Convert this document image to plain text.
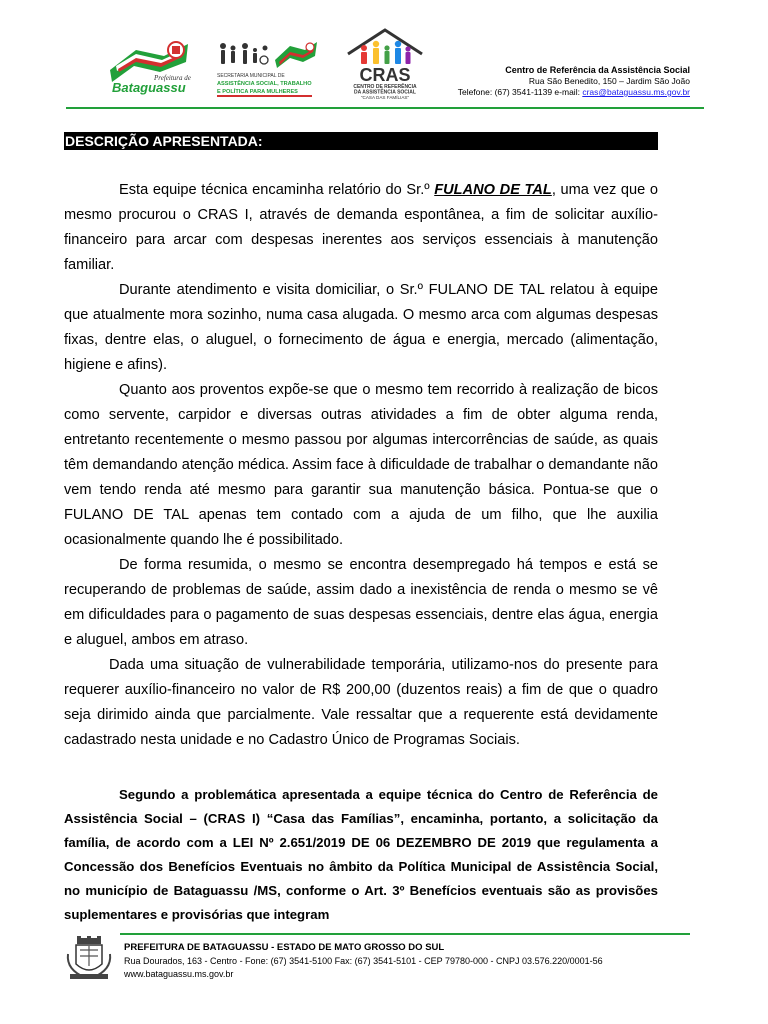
Prefeitura de
Bataguassu
SECRETARIA MUNICIPAL DE
ASSISTÊNCIA SOCIAL, TRABALHO
E POLÍTICA PARA MULHERES
CRAS
CENTRO DE REFERÊNCIA
DA ASSISTÊNCIA SOCIAL
"CASA DAS FAMÍLIAS"
Centro de Referência da Assistência Social
Rua São Benedito, 150 – Jardim São João
Telefone: (67) 3541-1139 e-mail: cras@bataguassu.ms.gov.br
DESCRIÇÃO APRESENTADA:

Esta equipe técnica encaminha relatório do Sr.º FULANO DE TAL, uma vez que o mesmo procurou o CRAS I, através de demanda espontânea, a fim de solicitar auxílio-financeiro para arcar com despesas inerentes aos serviços essenciais à manutenção familiar.

Durante atendimento e visita domiciliar, o Sr.º FULANO DE TAL relatou à equipe que atualmente mora sozinho, numa casa alugada. O mesmo arca com algumas despesas fixas, dentre elas, o aluguel, o fornecimento de água e energia, mercado (alimentação, higiene e afins).

Quanto aos proventos expõe-se que o mesmo tem recorrido à realização de bicos como servente, carpidor e diversas outras atividades a fim de obter alguma renda, entretanto recentemente o mesmo passou por algumas intercorrências de saúde, as quais têm demandando atenção médica. Assim face à dificuldade de trabalhar o demandante não vem tendo renda até mesmo para garantir sua manutenção básica. Pontua-se que o FULANO DE TAL apenas tem contado com a ajuda de um filho, que lhe auxilia ocasionalmente quando lhe é possibilitado.

De forma resumida, o mesmo se encontra desempregado há tempos e está se recuperando de problemas de saúde, assim dado a inexistência de renda o mesmo se vê em dificuldades para o pagamento de suas despesas essenciais, dentre elas água, energia e aluguel, ambos em atraso.

Dada uma situação de vulnerabilidade temporária, utilizamo-nos do presente para requerer auxílio-financeiro no valor de R$ 200,00 (duzentos reais) a fim de que o quadro seja dirimido ainda que parcialmente. Vale ressaltar que a requerente está devidamente cadastrado nesta unidade e no Cadastro Único de Programas Sociais.

Segundo a problemática apresentada a equipe técnica do Centro de Referência de Assistência Social – (CRAS I) “Casa das Famílias”, encaminha, portanto, a solicitação da família, de acordo com a LEI Nº 2.651/2019 DE 06 DEZEMBRO DE 2019 que regulamenta a Concessão dos Benefícios Eventuais no âmbito da Política Municipal de Assistência Social, no município de Bataguassu /MS, conforme o Art. 3º Benefícios eventuais são as provisões suplementares e provisórias que integram

PREFEITURA DE BATAGUASSU - ESTADO DE MATO GROSSO DO SUL
Rua Dourados, 163 - Centro - Fone: (67) 3541-5100 Fax: (67) 3541-5101 - CEP 79780-000 - CNPJ 03.576.220/0001-56
www.bataguassu.ms.gov.br
